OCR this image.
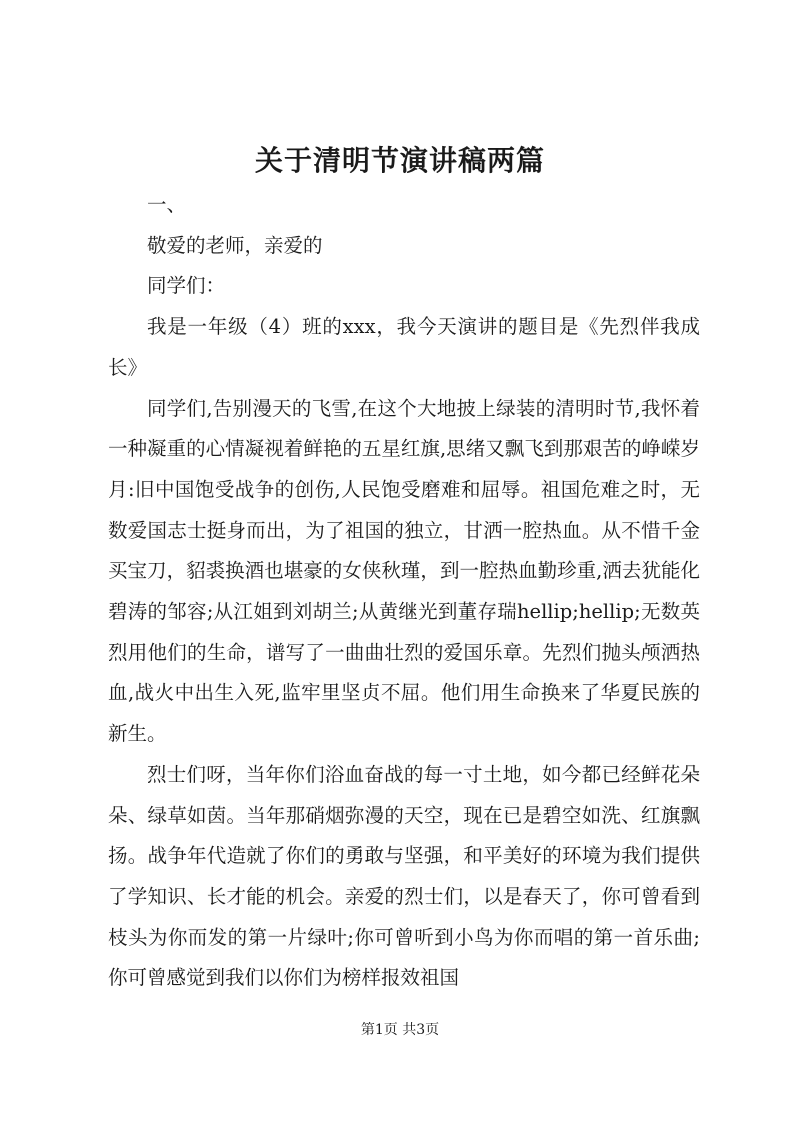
关于清明节演讲稿两篇

一、

敬爱的老师，亲爱的

同学们：

我是一年级（4）班的xxx，我今天演讲的题目是《先烈伴我成长》

同学们,告别漫天的飞雪,在这个大地披上绿装的清明时节,我怀着一种凝重的心情凝视着鲜艳的五星红旗,思绪又飘飞到那艰苦的峥嵘岁月:旧中国饱受战争的创伤,人民饱受磨难和屈辱。祖国危难之时，无数爱国志士挺身而出，为了祖国的独立，甘洒一腔热血。从不惜千金买宝刀，貂裘换酒也堪豪的女侠秋瑾，到一腔热血勤珍重,洒去犹能化碧涛的邹容;从江姐到刘胡兰;从黄继光到董存瑞hellip;hellip;无数英烈用他们的生命，谱写了一曲曲壮烈的爱国乐章。先烈们抛头颅洒热血,战火中出生入死,监牢里坚贞不屈。他们用生命换来了华夏民族的新生。

烈士们呀，当年你们浴血奋战的每一寸土地，如今都已经鲜花朵朵、绿草如茵。当年那硝烟弥漫的天空，现在已是碧空如洗、红旗飘扬。战争年代造就了你们的勇敢与坚强，和平美好的环境为我们提供了学知识、长才能的机会。亲爱的烈士们，以是春天了，你可曾看到枝头为你而发的第一片绿叶;你可曾听到小鸟为你而唱的第一首乐曲;你可曾感觉到我们以你们为榜样报效祖国

第1页 共3页
